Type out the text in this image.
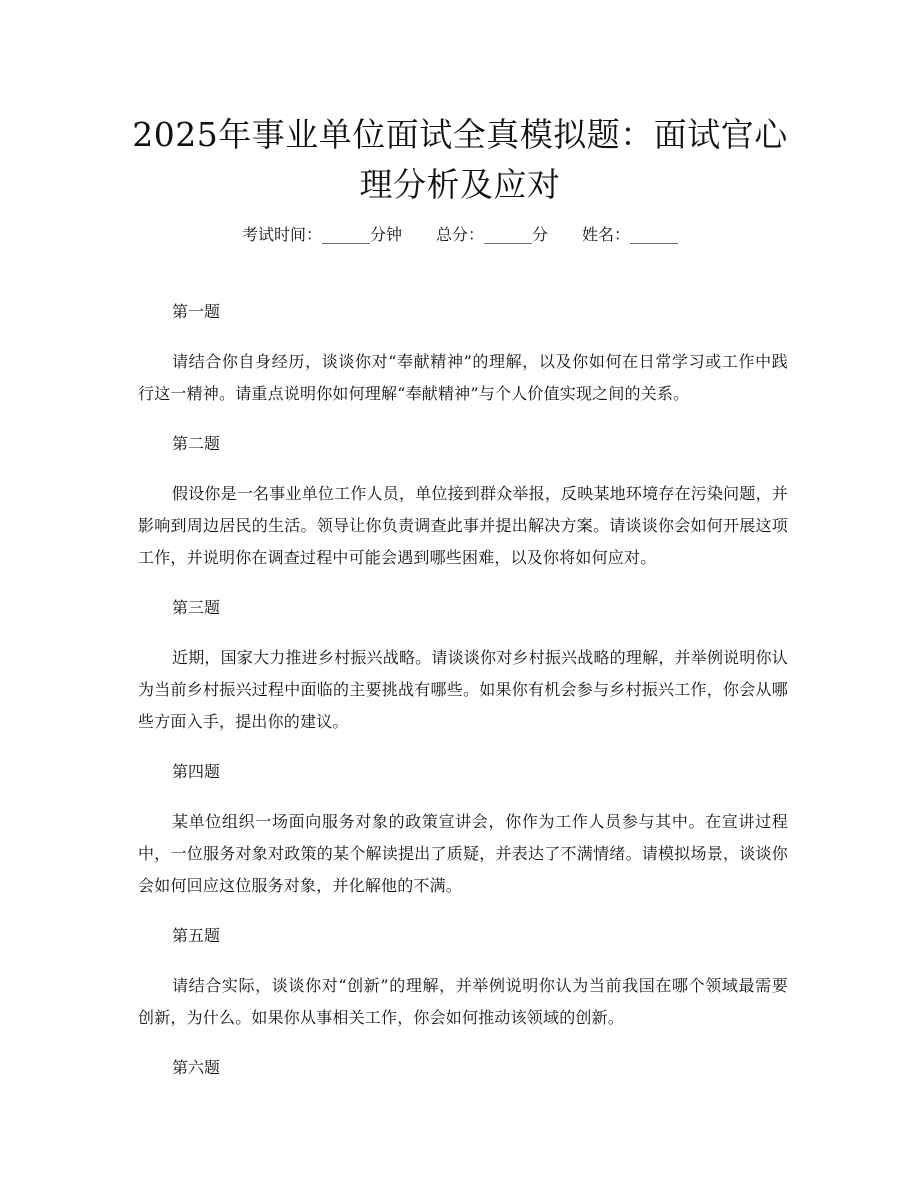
2025年事业单位面试全真模拟题：面试官心理分析及应对
考试时间：______分钟 总分：______分 姓名：______
第一题
请结合你自身经历，谈谈你对“奉献精神”的理解，以及你如何在日常学习或工作中践行这一精神。请重点说明你如何理解“奉献精神”与个人价值实现之间的关系。
第二题
假设你是一名事业单位工作人员，单位接到群众举报，反映某地环境存在污染问题，并影响到周边居民的生活。领导让你负责调查此事并提出解决方案。请谈谈你会如何开展这项工作，并说明你在调查过程中可能会遇到哪些困难，以及你将如何应对。
第三题
近期，国家大力推进乡村振兴战略。请谈谈你对乡村振兴战略的理解，并举例说明你认为当前乡村振兴过程中面临的主要挑战有哪些。如果你有机会参与乡村振兴工作，你会从哪些方面入手，提出你的建议。
第四题
某单位组织一场面向服务对象的政策宣讲会，你作为工作人员参与其中。在宣讲过程中，一位服务对象对政策的某个解读提出了质疑，并表达了不满情绪。请模拟场景，谈谈你会如何回应这位服务对象，并化解他的不满。
第五题
请结合实际，谈谈你对“创新”的理解，并举例说明你认为当前我国在哪个领域最需要创新，为什么。如果你从事相关工作，你会如何推动该领域的创新。
第六题
